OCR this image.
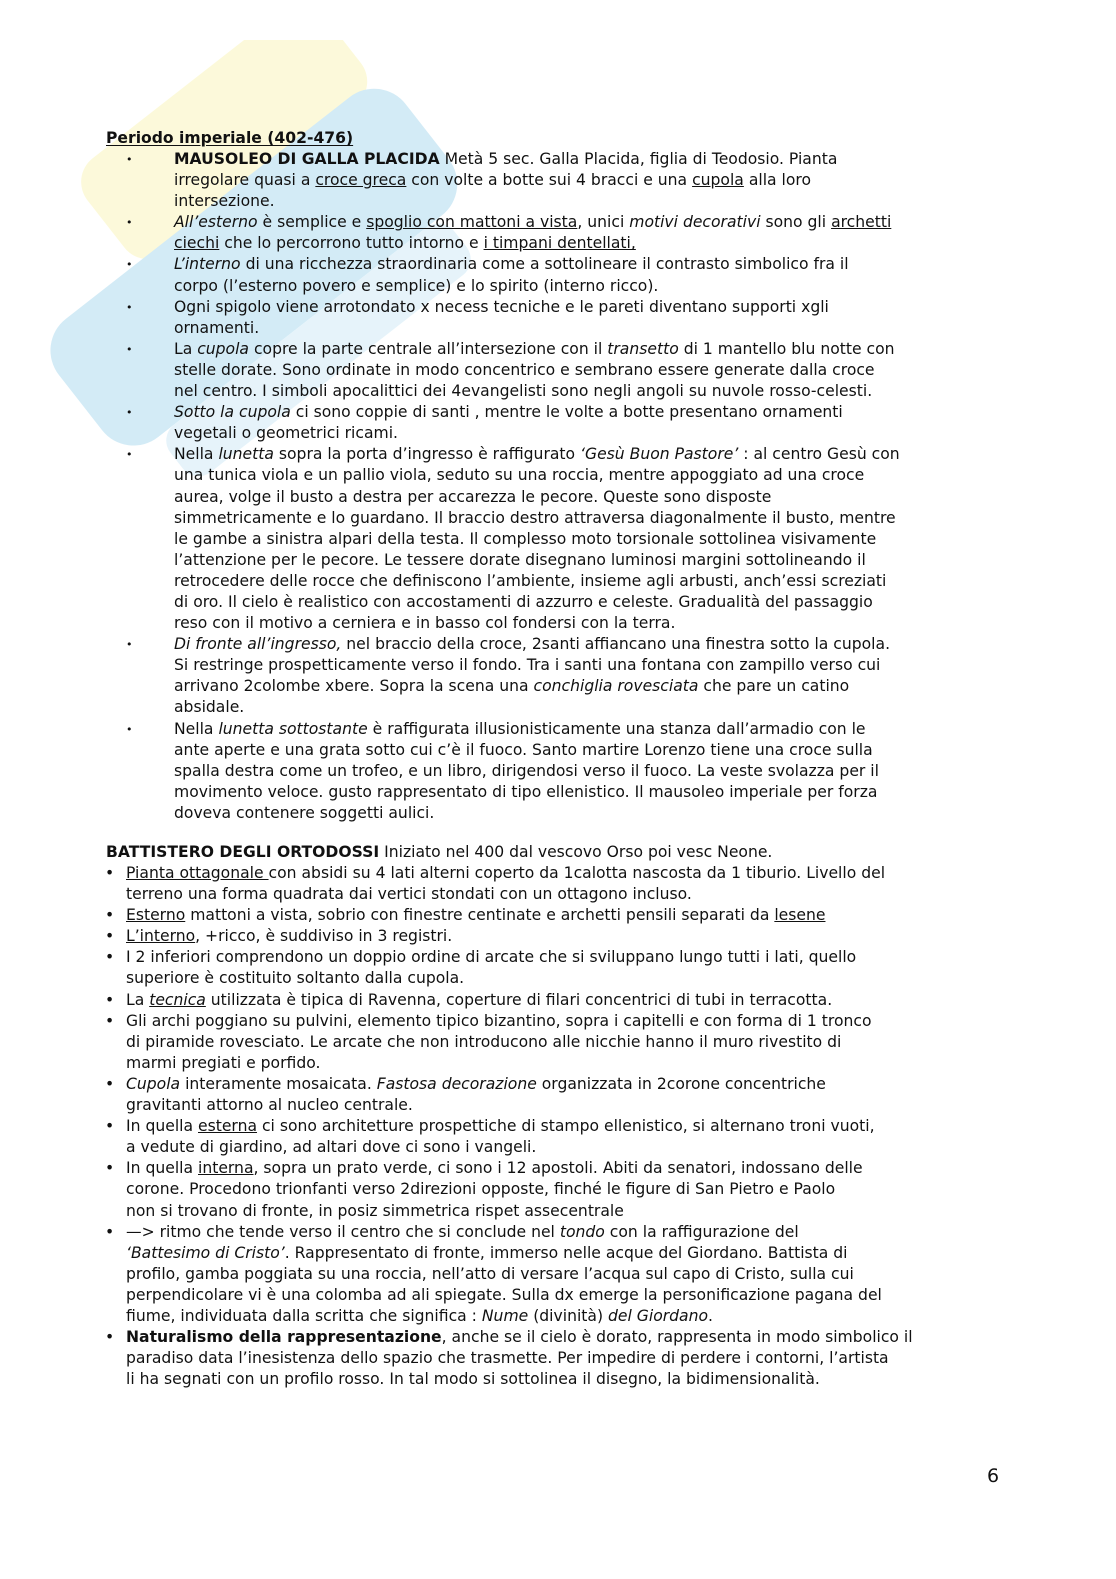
Periodo imperiale (402-476)
•	MAUSOLEO DI GALLA PLACIDA Metà 5 sec. Galla Placida, figlia di Teodosio. Pianta

irregolare quasi a croce greca con volte a botte sui 4 bracci e una cupola alla loro

intersezione.

•	All’esterno è semplice e spoglio con mattoni a vista, unici motivi decorativi sono gli archetti

ciechi che lo percorrono tutto intorno e i timpani dentellati,

•	L’interno di una ricchezza straordinaria come a sottolineare il contrasto simbolico fra il

corpo (l’esterno povero e semplice) e lo spirito (interno ricco).

•	Ogni spigolo viene arrotondato x necess tecniche e le pareti diventano supporti xgli

ornamenti.

•	La cupola copre la parte centrale all’intersezione con il transetto di 1 mantello blu notte con

stelle dorate. Sono ordinate in modo concentrico e sembrano essere generate dalla croce

nel centro. I simboli apocalittici dei 4evangelisti sono negli angoli su nuvole rosso-celesti.

•	Sotto la cupola ci sono coppie di santi , mentre le volte a botte presentano ornamenti

vegetali o geometrici ricami.

•	Nella lunetta sopra la porta d’ingresso è raffigurato ‘Gesù Buon Pastore’ : al centro Gesù con

una tunica viola e un pallio viola, seduto su una roccia, mentre appoggiato ad una croce

aurea, volge il busto a destra per accarezza le pecore. Queste sono disposte

simmetricamente e lo guardano. Il braccio destro attraversa diagonalmente il busto, mentre

le gambe a sinistra alpari della testa. Il complesso moto torsionale sottolinea visivamente

l’attenzione per le pecore. Le tessere dorate disegnano luminosi margini sottolineando il

retrocedere delle rocce che definiscono l’ambiente, insieme agli arbusti, anch’essi screziati

di oro. Il cielo è realistico con accostamenti di azzurro e celeste. Gradualità del passaggio

reso con il motivo a cerniera e in basso col fondersi con la terra.

•	Di fronte all’ingresso, nel braccio della croce, 2santi affiancano una finestra sotto la cupola.

Si restringe prospetticamente verso il fondo. Tra i santi una fontana con zampillo verso cui

arrivano 2colombe xbere. Sopra la scena una conchiglia rovesciata che pare un catino

absidale.

•	Nella lunetta sottostante è raffigurata illusionisticamente una stanza dall’armadio con le

ante aperte e una grata sotto cui c’è il fuoco. Santo martire Lorenzo tiene una croce sulla

spalla destra come un trofeo, e un libro, dirigendosi verso il fuoco. La veste svolazza per il

movimento veloce. gusto rappresentato di tipo ellenistico. Il mausoleo imperiale per forza

doveva contenere soggetti aulici.

BATTISTERO DEGLI ORTODOSSI Iniziato nel 400 dal vescovo Orso poi vesc Neone.
• Pianta ottagonale con absidi su 4 lati alterni coperto da 1calotta nascosta da 1 tiburio. Livello del

terreno una forma quadrata dai vertici stondati con un ottagono incluso.

• Esterno mattoni a vista, sobrio con finestre centinate e archetti pensili separati da lesene

• L’interno, +ricco, è suddiviso in 3 registri.

• I 2 inferiori comprendono un doppio ordine di arcate che si sviluppano lungo tutti i lati, quello

superiore è costituito soltanto dalla cupola.

• La tecnica utilizzata è tipica di Ravenna, coperture di filari concentrici di tubi in terracotta.

• Gli archi poggiano su pulvini, elemento tipico bizantino, sopra i capitelli e con forma di 1 tronco

di piramide rovesciato. Le arcate che non introducono alle nicchie hanno il muro rivestito di

marmi pregiati e porfido.

• Cupola interamente mosaicata. Fastosa decorazione organizzata in 2corone concentriche

gravitanti attorno al nucleo centrale.

• In quella esterna ci sono architetture prospettiche di stampo ellenistico, si alternano troni vuoti,

a vedute di giardino, ad altari dove ci sono i vangeli.

• In quella interna, sopra un prato verde, ci sono i 12 apostoli. Abiti da senatori, indossano delle

corone. Procedono trionfanti verso 2direzioni opposte, finché le figure di San Pietro e Paolo

non si trovano di fronte, in posiz simmetrica rispet assecentrale

• —> ritmo che tende verso il centro che si conclude nel tondo con la raffigurazione del

‘Battesimo di Cristo’. Rappresentato di fronte, immerso nelle acque del Giordano. Battista di

profilo, gamba poggiata su una roccia, nell’atto di versare l’acqua sul capo di Cristo, sulla cui

perpendicolare vi è una colomba ad ali spiegate. Sulla dx emerge la personificazione pagana del

fiume, individuata dalla scritta che significa : Nume (divinità) del Giordano.

• Naturalismo della rappresentazione, anche se il cielo è dorato, rappresenta in modo simbolico il

paradiso data l’inesistenza dello spazio che trasmette. Per impedire di perdere i contorni, l’artista

li ha segnati con un profilo rosso. In tal modo si sottolinea il disegno, la bidimensionalità.

6
